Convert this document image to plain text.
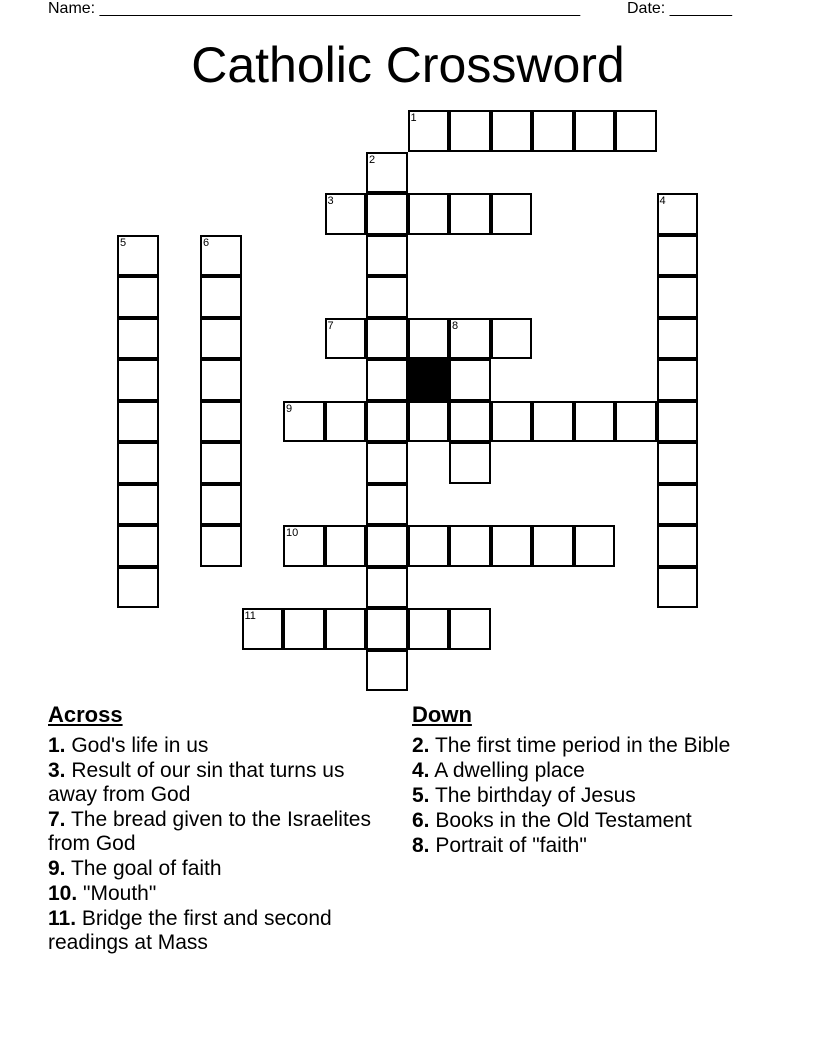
Name: ______________________________________________________

	Date: _______

Catholic Crossword
1
2
3	4
5	6
7	8
9
10
11
Across
1. God's life in us
3. Result of our sin that turns us away from God
7. The bread given to the Israelites from God
9. The goal of faith
10. "Mouth"
11. Bridge the first and second readings at Mass
Down
2. The first time period in the Bible
4. A dwelling place
5. The birthday of Jesus
6. Books in the Old Testament
8. Portrait of "faith"
